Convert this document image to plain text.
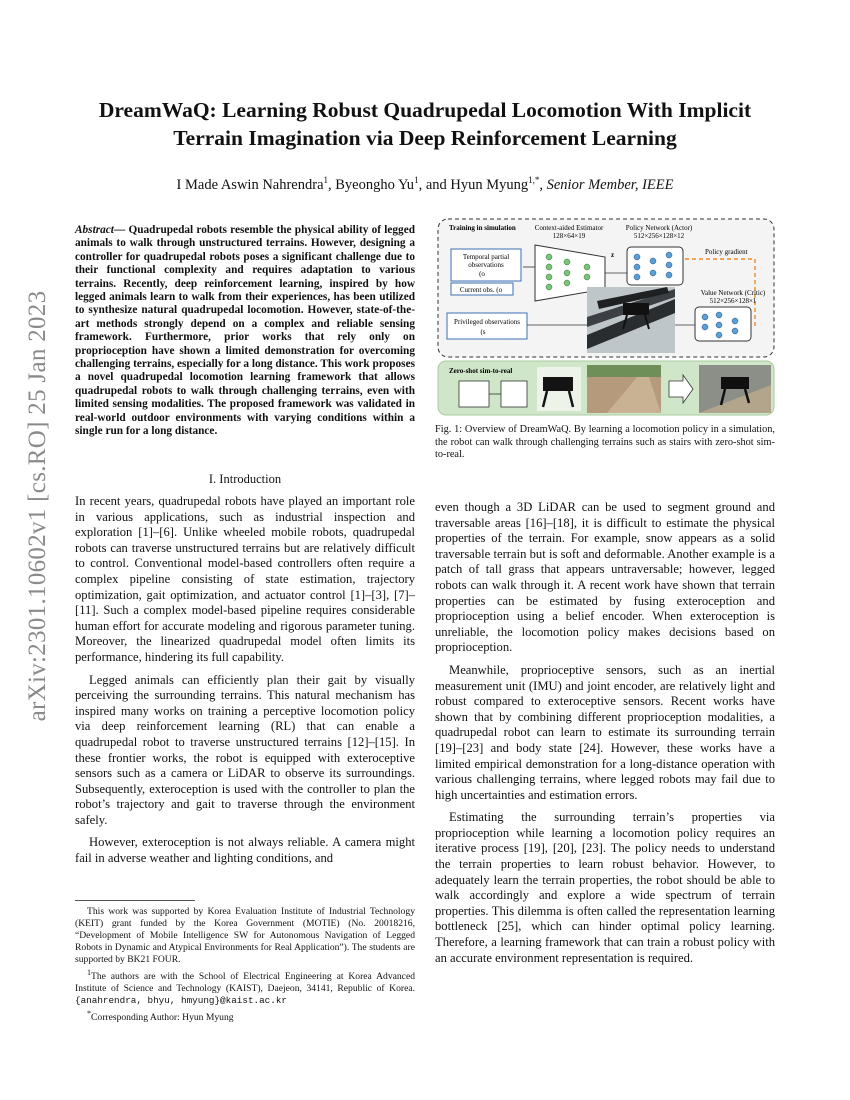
arXiv:2301.10602v1 [cs.RO] 25 Jan 2023
DreamWaQ: Learning Robust Quadrupedal Locomotion With Implicit
Terrain Imagination via Deep Reinforcement Learning
I Made Aswin Nahrendra$^1$, Byeongho Yu$^1$, and Hyun Myung$^{1,*}$, Senior Member, IEEE
Abstract— Quadrupedal robots resemble the physical ability of legged animals to walk through unstructured terrains. However, designing a controller for quadrupedal robots poses a significant challenge due to their functional complexity and requires adaptation to various terrains. Recently, deep reinforcement learning, inspired by how legged animals learn to walk from their experiences, has been utilized to synthesize natural quadrupedal locomotion. However, state-of-the-art methods strongly depend on a complex and reliable sensing framework. Furthermore, prior works that rely only on proprioception have shown a limited demonstration for overcoming challenging terrains, especially for a long distance. This work proposes a novel quadrupedal locomotion learning framework that allows quadrupedal robots to walk through challenging terrains, even with limited sensing modalities. The proposed framework was validated in real-world outdoor environments with varying conditions within a single run for a long distance.
I. Introduction

In recent years, quadrupedal robots have played an important role in various applications, such as industrial inspection and exploration [1]–[6]. Unlike wheeled mobile robots, quadrupedal robots can traverse unstructured terrains but are relatively difficult to control. Conventional model-based controllers often require a complex pipeline consisting of state estimation, trajectory optimization, gait optimization, and actuator control [1]–[3], [7]–[11]. Such a complex model-based pipeline requires considerable human effort for accurate modeling and rigorous parameter tuning. Moreover, the linearized quadrupedal model often limits its performance, hindering its full capability.

Legged animals can efficiently plan their gait by visually perceiving the surrounding terrains. This natural mechanism has inspired many works on training a perceptive locomotion policy via deep reinforcement learning (RL) that can enable a quadrupedal robot to traverse unstructured terrains [12]–[15]. In these frontier works, the robot is equipped with exteroceptive sensors such as a camera or LiDAR to observe its surroundings. Subsequently, exteroception is used with the controller to plan the robot’s trajectory and gait to traverse through the environment safely.

However, exteroception is not always reliable. A camera might fail in adverse weather and lighting conditions, and

This work was supported by Korea Evaluation Institute of Industrial Technology (KEIT) grant funded by the Korea Government (MOTIE) (No. 20018216, “Development of Mobile Intelligence SW for Autonomous Navigation of Legged Robots in Dynamic and Atypical Environments for Real Application”). The students are supported by BK21 FOUR.

$^1$The authors are with the School of Electrical Engineering at Korea Advanced Institute of Science and Technology (KAIST), Daejeon, 34141, Republic of Korea. {anahrendra, bhyu, hmyung}@kaist.ac.kr

*Corresponding Author: Hyun Myung

Training in simulation	Context-aided Estimator
128×64×19
Policy Network (Actor)
512×256×128×12
Temporal partial
observations
(o
Current obs. (o
z	Policy gradient
Privileged observations
(s
Value Network (Critic)
512×256×128×1
Zero-shot sim-to-real
Fig. 1: Overview of DreamWaQ. By learning a locomotion policy in a simulation, the robot can walk through challenging terrains such as stairs with zero-shot sim-to-real.

even though a 3D LiDAR can be used to segment ground and traversable areas [16]–[18], it is difficult to estimate the physical properties of the terrain. For example, snow appears as a solid traversable terrain but is soft and deformable. Another example is a patch of tall grass that appears untraversable; however, legged robots can walk through it. A recent work have shown that terrain properties can be estimated by fusing exteroception and proprioception using a belief encoder. When exteroception is unreliable, the locomotion policy makes decisions based on proprioception.

Meanwhile, proprioceptive sensors, such as an inertial measurement unit (IMU) and joint encoder, are relatively light and robust compared to exteroceptive sensors. Recent works have shown that by combining different proprioception modalities, a quadrupedal robot can learn to estimate its surrounding terrain [19]–[23] and body state [24]. However, these works have a limited empirical demonstration for a long-distance operation with various challenging terrains, where legged robots may fail due to high uncertainties and estimation errors.

Estimating the surrounding terrain’s properties via proprioception while learning a locomotion policy requires an iterative process [19], [20], [23]. The policy needs to understand the terrain properties to learn robust behavior. However, to adequately learn the terrain properties, the robot should be able to walk accordingly and explore a wide spectrum of terrain properties. This dilemma is often called the representation learning bottleneck [25], which can hinder optimal policy learning. Therefore, a learning framework that can train a robust policy with an accurate environment representation is required.
